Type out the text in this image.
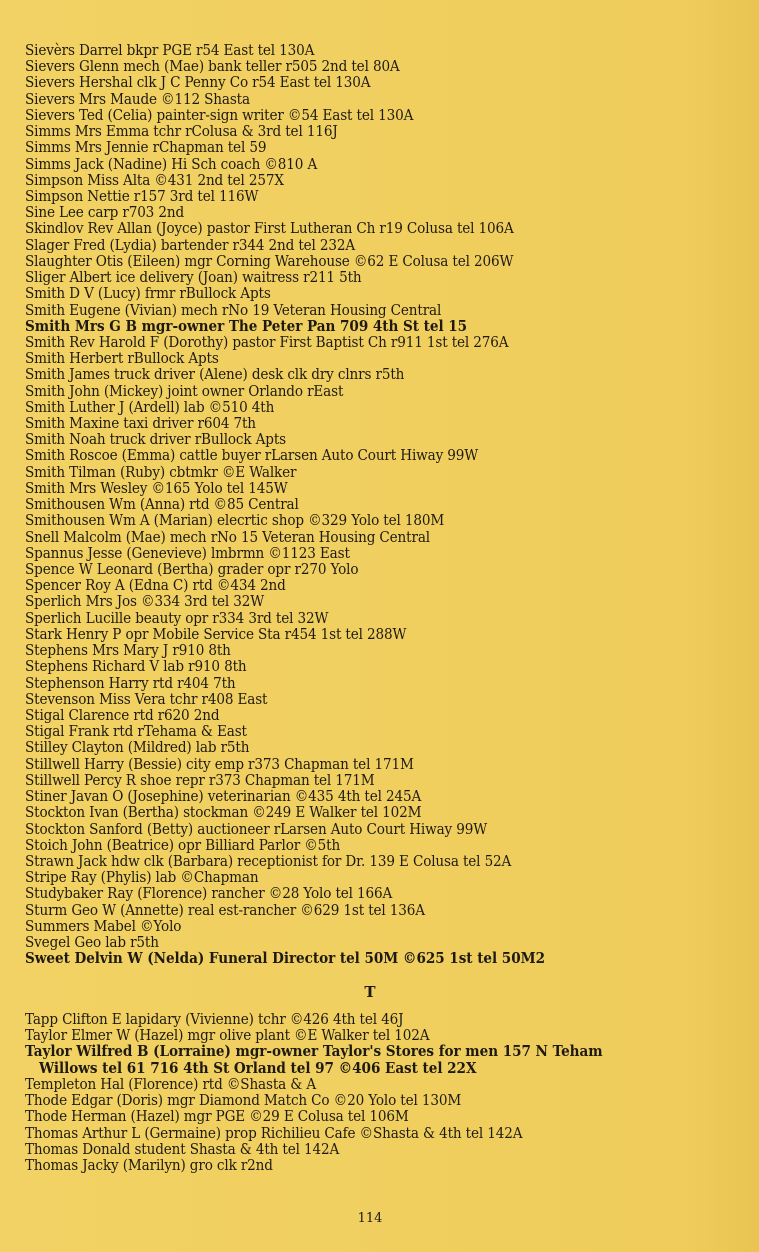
Sievèrs Darrel bkpr PGE r54 East tel 130A
Sievers Glenn mech (Mae) bank teller r505 2nd tel 80A
Sievers Hershal clk J C Penny Co r54 East tel 130A
Sievers Mrs Maude ©112 Shasta
Sievers Ted (Celia) painter-sign writer ©54 East tel 130A
Simms Mrs Emma tchr rColusa & 3rd tel 116J
Simms Mrs Jennie rChapman tel 59
Simms Jack (Nadine) Hi Sch coach ©810 A
Simpson Miss Alta ©431 2nd tel 257X
Simpson Nettie r157 3rd tel 116W
Sine Lee carp r703 2nd
Skindlov Rev Allan (Joyce) pastor First Lutheran Ch r19 Colusa tel 106A
Slager Fred (Lydia) bartender r344 2nd tel 232A
Slaughter Otis (Eileen) mgr Corning Warehouse ©62 E Colusa tel 206W
Sliger Albert ice delivery (Joan) waitress r211 5th
Smith D V (Lucy) frmr rBullock Apts
Smith Eugene (Vivian) mech rNo 19 Veteran Housing Central
Smith Mrs G B mgr-owner The Peter Pan 709 4th St tel 15
Smith Rev Harold F (Dorothy) pastor First Baptist Ch r911 1st tel 276A
Smith Herbert rBullock Apts
Smith James truck driver (Alene) desk clk dry clnrs r5th
Smith John (Mickey) joint owner Orlando rEast
Smith Luther J (Ardell) lab ©510 4th
Smith Maxine taxi driver r604 7th
Smith Noah truck driver rBullock Apts
Smith Roscoe (Emma) cattle buyer rLarsen Auto Court Hiway 99W
Smith Tilman (Ruby) cbtmkr ©E Walker
Smith Mrs Wesley ©165 Yolo tel 145W
Smithousen Wm (Anna) rtd ©85 Central
Smithousen Wm A (Marian) elecrtic shop ©329 Yolo tel 180M
Snell Malcolm (Mae) mech rNo 15 Veteran Housing Central
Spannus Jesse (Genevieve) lmbrmn ©1123 East
Spence W Leonard (Bertha) grader opr r270 Yolo
Spencer Roy A (Edna C) rtd ©434 2nd
Sperlich Mrs Jos ©334 3rd tel 32W
Sperlich Lucille beauty opr r334 3rd tel 32W
Stark Henry P opr Mobile Service Sta r454 1st tel 288W
Stephens Mrs Mary J r910 8th
Stephens Richard V lab r910 8th
Stephenson Harry rtd r404 7th
Stevenson Miss Vera tchr r408 East
Stigal Clarence rtd r620 2nd
Stigal Frank rtd rTehama & East
Stilley Clayton (Mildred) lab r5th
Stillwell Harry (Bessie) city emp r373 Chapman tel 171M
Stillwell Percy R shoe repr r373 Chapman tel 171M
Stiner Javan O (Josephine) veterinarian ©435 4th tel 245A
Stockton Ivan (Bertha) stockman ©249 E Walker tel 102M
Stockton Sanford (Betty) auctioneer rLarsen Auto Court Hiway 99W
Stoich John (Beatrice) opr Billiard Parlor ©5th
Strawn Jack hdw clk (Barbara) receptionist for Dr. 139 E Colusa tel 52A
Stripe Ray (Phylis) lab ©Chapman
Studybaker Ray (Florence) rancher ©28 Yolo tel 166A
Sturm Geo W (Annette) real est-rancher ©629 1st tel 136A
Summers Mabel ©Yolo
Svegel Geo lab r5th
Sweet Delvin W (Nelda) Funeral Director tel 50M ©625 1st tel 50M2
T
Tapp Clifton E lapidary (Vivienne) tchr ©426 4th tel 46J
Taylor Elmer W (Hazel) mgr olive plant ©E Walker tel 102A
Taylor Wilfred B (Lorraine) mgr-owner Taylor's Stores for men 157 N Teham
Willows tel 61 716 4th St Orland tel 97 ©406 East tel 22X
Templeton Hal (Florence) rtd ©Shasta & A
Thode Edgar (Doris) mgr Diamond Match Co ©20 Yolo tel 130M
Thode Herman (Hazel) mgr PGE ©29 E Colusa tel 106M
Thomas Arthur L (Germaine) prop Richilieu Cafe ©Shasta & 4th tel 142A
Thomas Donald student Shasta & 4th tel 142A
Thomas Jacky (Marilyn) gro clk r2nd
114
